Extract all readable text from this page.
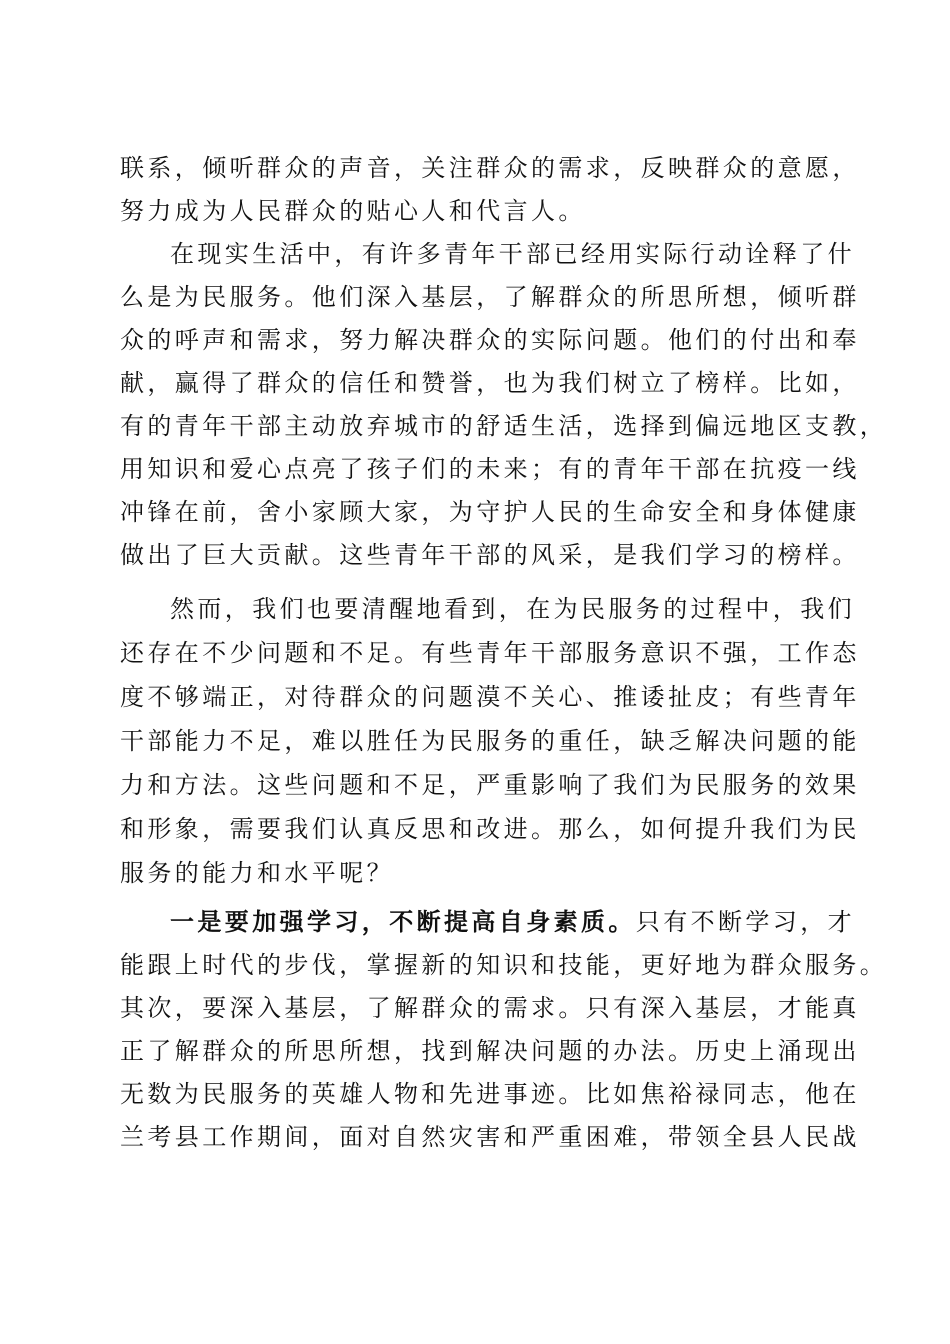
联系，倾听群众的声音，关注群众的需求，反映群众的意愿，
努力成为人民群众的贴心人和代言人。
在现实生活中，有许多青年干部已经用实际行动诠释了什
么是为民服务。他们深入基层，了解群众的所思所想，倾听群
众的呼声和需求，努力解决群众的实际问题。他们的付出和奉
献，赢得了群众的信任和赞誉，也为我们树立了榜样。比如，
有的青年干部主动放弃城市的舒适生活，选择到偏远地区支教，
用知识和爱心点亮了孩子们的未来；有的青年干部在抗疫一线
冲锋在前，舍小家顾大家，为守护人民的生命安全和身体健康
做出了巨大贡献。这些青年干部的风采，是我们学习的榜样。
然而，我们也要清醒地看到，在为民服务的过程中，我们
还存在不少问题和不足。有些青年干部服务意识不强，工作态
度不够端正，对待群众的问题漠不关心、推诿扯皮；有些青年
干部能力不足，难以胜任为民服务的重任，缺乏解决问题的能
力和方法。这些问题和不足，严重影响了我们为民服务的效果
和形象，需要我们认真反思和改进。那么，如何提升我们为民
服务的能力和水平呢？
一是要加强学习，不断提高自身素质。只有不断学习，才
能跟上时代的步伐，掌握新的知识和技能，更好地为群众服务。
其次，要深入基层，了解群众的需求。只有深入基层，才能真
正了解群众的所思所想，找到解决问题的办法。历史上涌现出
无数为民服务的英雄人物和先进事迹。比如焦裕禄同志，他在
兰考县工作期间，面对自然灾害和严重困难，带领全县人民战
